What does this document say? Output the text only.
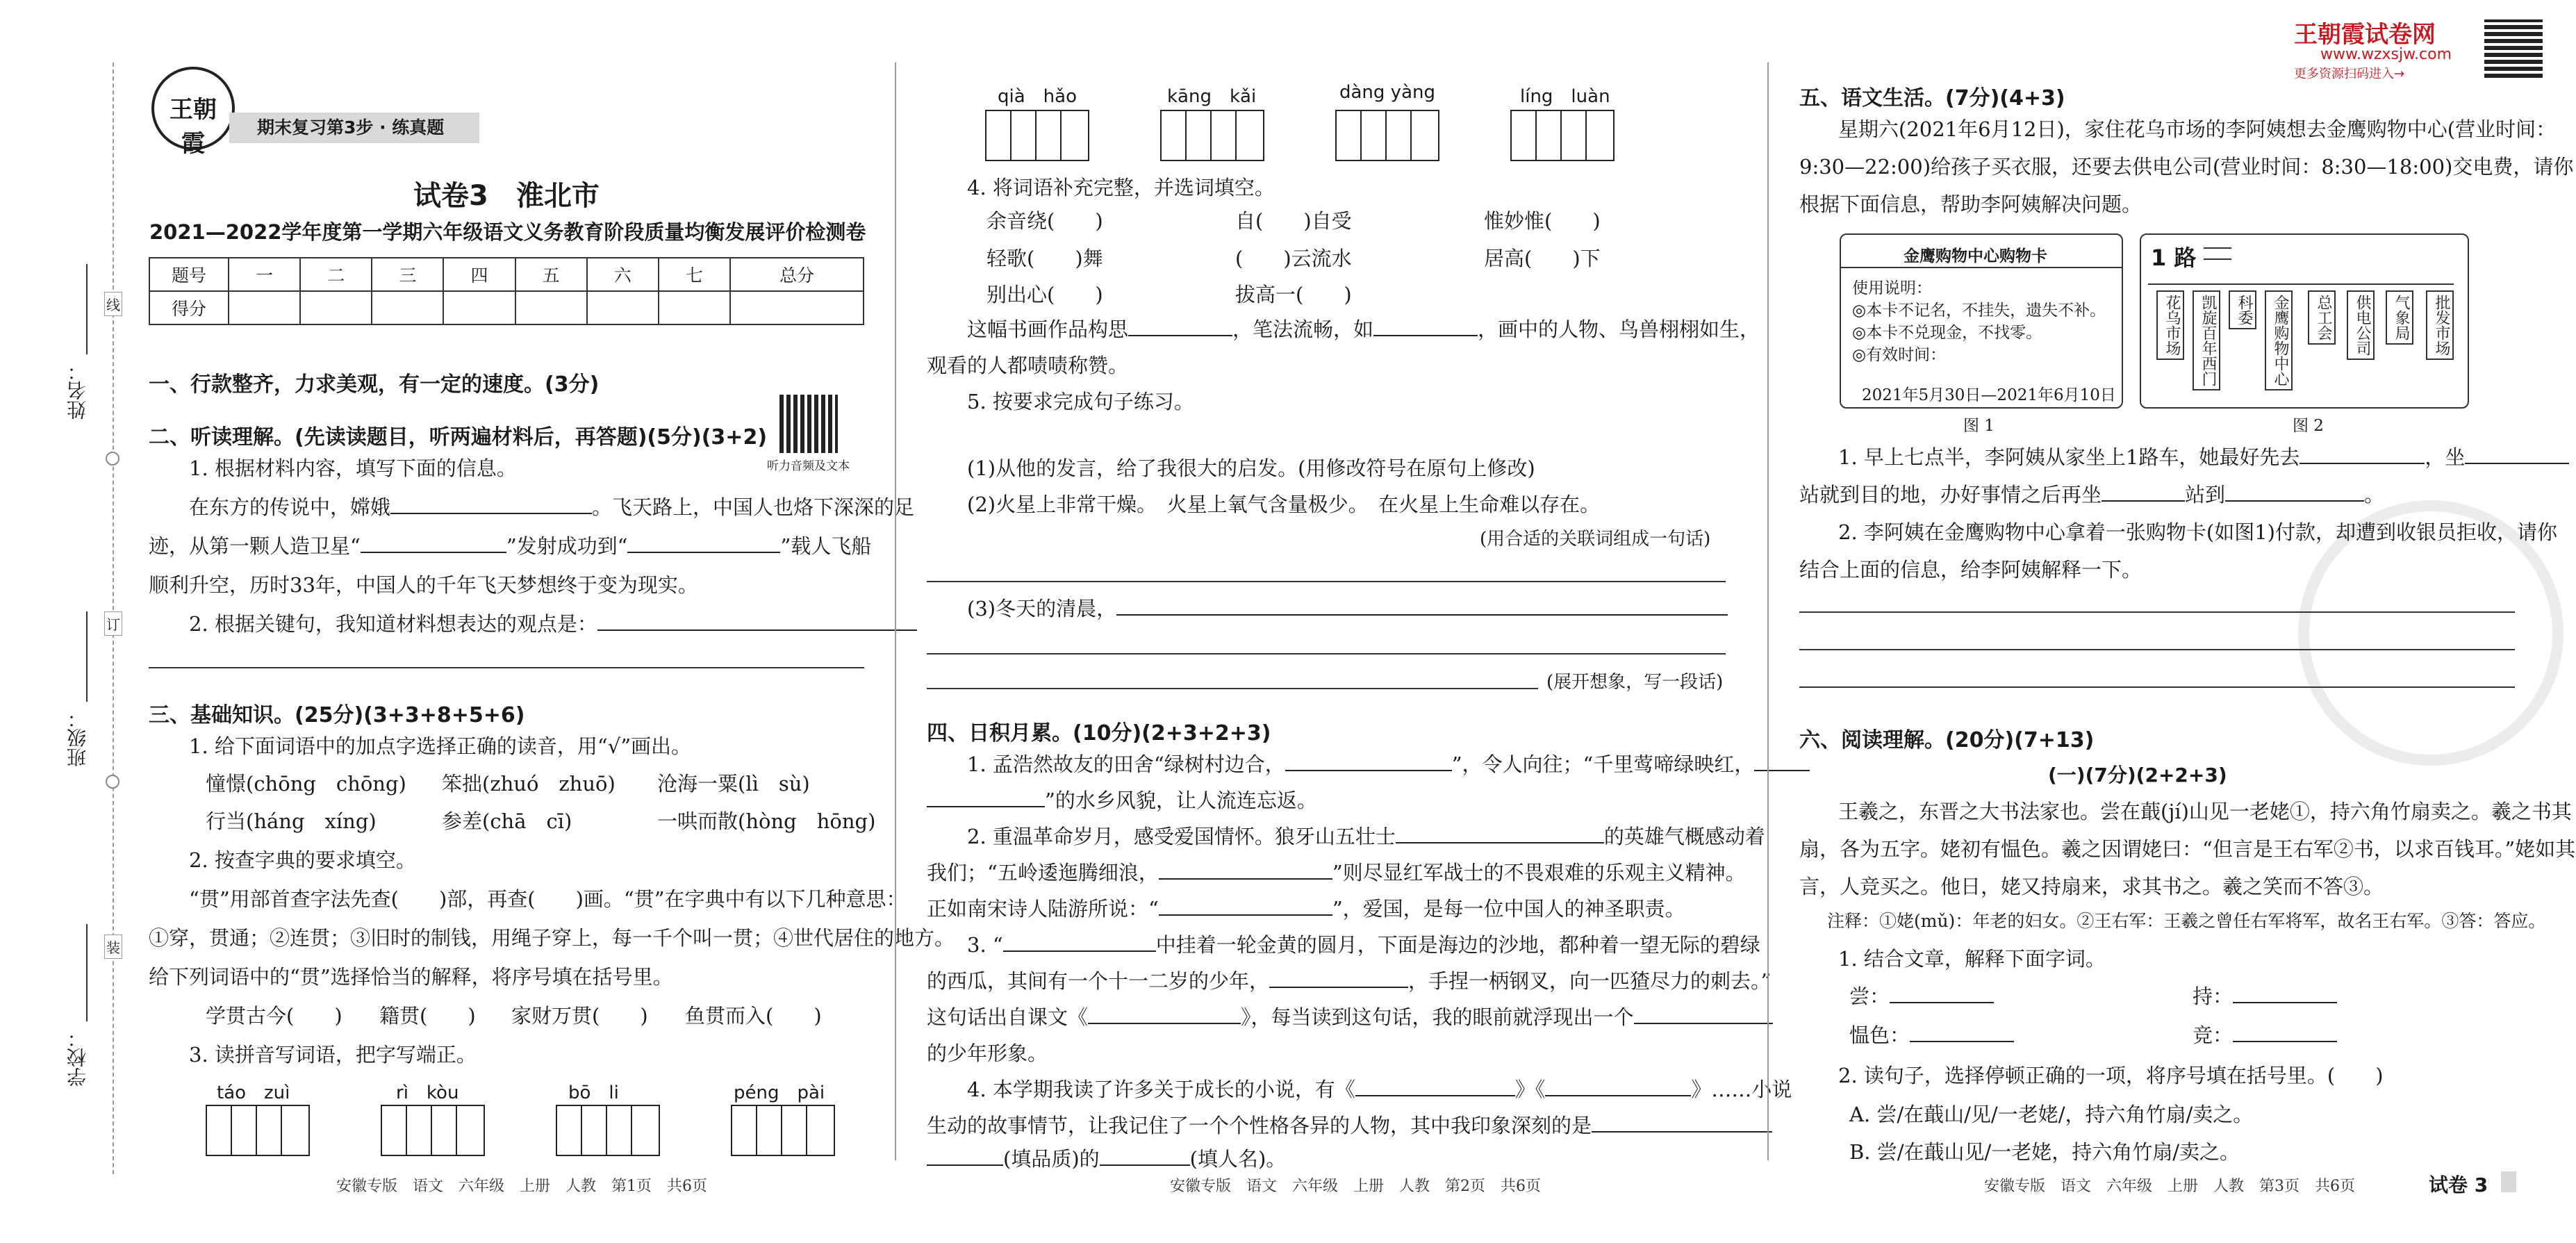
姓名：
班级：
学校：
线
订
装
王朝霞
期末复习第3步 · 练真题
试卷3　淮北市
2021—2022学年度第一学期六年级语文义务教育阶段质量均衡发展评价检测卷
题号	一	二	三	四	五	六	七	总分
得分								
一、行款整齐，力求美观，有一定的速度。(3分)
听力音频及文本
二、听读理解。(先读读题目，听两遍材料后，再答题)(5分)(3+2)
1. 根据材料内容，填写下面的信息。
在东方的传说中，嫦娥	。飞天路上，中国人也烙下深深的足
迹，从第一颗人造卫星“	”发射成功到“	”载人飞船
顺利升空，历时33年，中国人的千年飞天梦想终于变为现实。
2. 根据关键句，我知道材料想表达的观点是：
三、基础知识。(25分)(3+3+8+5+6)
1. 给下面词语中的加点字选择正确的读音，用“√”画出。
憧憬(chōng　chōng) 笨拙(zhuó　zhuō) 沧海一粟(lì　sù)
行当(háng　xíng)	参差(chā　cī)	一哄而散(hòng　hōng)
2. 按查字典的要求填空。
“贯”用部首查字法先查(　　)部，再查(　　)画。“贯”在字典中有以下几种意思：
①穿，贯通；②连贯；③旧时的制钱，用绳子穿上，每一千个叫一贯；④世代居住的地方。
给下列词语中的“贯”选择恰当的解释，将序号填在括号里。
学贯古今(　　) 籍贯(　　) 家财万贯(　　) 鱼贯而入(　　)
3. 读拼音写词语，把字写端正。
táo　zuì	rì　kòu	bō　li	péng　pài
安徽专版　语文　六年级　上册　人教　第1页　共6页
qià　hǎo	kāng　kǎi	dàng yàng	líng　luàn
4. 将词语补充完整，并选词填空。
余音绕(　　)	自(　　)自受	惟妙惟(　　)
轻歌(　　)舞	(　　)云流水	居高(　　)下
别出心(　　)	拔高一(　　)
这幅书画作品构思	，笔法流畅，如	，画中的人物、鸟兽栩栩如生，
观看的人都啧啧称赞。
5. 按要求完成句子练习。
(1)从他的发言，给了我很大的启发。(用修改符号在原句上修改)
(2)火星上非常干燥。　火星上氧气含量极少。　在火星上生命难以存在。
(用合适的关联词组成一句话)
(3)冬天的清晨，
(展开想象，写一段话)
四、日积月累。(10分)(2+3+2+3)
1. 孟浩然故友的田舍“绿树村边合，	”，令人向往；“千里莺啼绿映红，
”的水乡风貌，让人流连忘返。
2. 重温革命岁月，感受爱国情怀。狼牙山五壮士	的英雄气概感动着
我们；“五岭逶迤腾细浪，	”则尽显红军战士的不畏艰难的乐观主义精神。
正如南宋诗人陆游所说：“	”，爱国，是每一位中国人的神圣职责。
3. “	中挂着一轮金黄的圆月，下面是海边的沙地，都种着一望无际的碧绿
的西瓜，其间有一个十一二岁的少年，	，手捏一柄钢叉，向一匹猹尽力的刺去。”
这句话出自课文《	》，每当读到这句话，我的眼前就浮现出一个
的少年形象。
4. 本学期我读了许多关于成长的小说，有《	》《	》……小说
生动的故事情节，让我记住了一个个性格各异的人物，其中我印象深刻的是
(填品质)的	(填人名)。
安徽专版　语文　六年级　上册　人教　第2页　共6页
王朝霞试卷网
www.wzxsjw.com
更多资源扫码进入→
五、语文生活。(7分)(4+3)
星期六(2021年6月12日)，家住花乌市场的李阿姨想去金鹰购物中心(营业时间：
9:30—22:00)给孩子买衣服，还要去供电公司(营业时间：8:30—18:00)交电费，请你
根据下面信息，帮助李阿姨解决问题。
金鹰购物中心购物卡
使用说明：
◎本卡不记名，不挂失，遗失不补。
◎本卡不兑现金，不找零。
◎有效时间：
2021年5月30日—2021年6月10日
图 1
1 路
花乌市场	凯旋百年西门	科委	金鹰购物中心	总工会	供电公司	气象局	批发市场
图 2
1. 早上七点半，李阿姨从家坐上1路车，她最好先去	，坐
站就到目的地，办好事情之后再坐	站到	。
2. 李阿姨在金鹰购物中心拿着一张购物卡(如图1)付款，却遭到收银员拒收，请你
结合上面的信息，给李阿姨解释一下。
六、阅读理解。(20分)(7+13)
(一)(7分)(2+2+3)
王羲之，东晋之大书法家也。尝在蕺(jí)山见一老姥①，持六角竹扇卖之。羲之书其
扇，各为五字。姥初有愠色。羲之因谓姥曰：“但言是王右军②书，以求百钱耳。”姥如其
言，人竞买之。他日，姥又持扇来，求其书之。羲之笑而不答③。
注释：①姥(mǔ)：年老的妇女。②王右军：王羲之曾任右军将军，故名王右军。③答：答应。
1. 结合文章，解释下面字词。
尝：	持：
愠色：	竞：
2. 读句子，选择停顿正确的一项，将序号填在括号里。(　　)
A. 尝/在蕺山/见/一老姥/，持六角竹扇/卖之。
B. 尝/在蕺山见/一老姥，持六角竹扇/卖之。
安徽专版　语文　六年级　上册　人教　第3页　共6页	试卷 3
